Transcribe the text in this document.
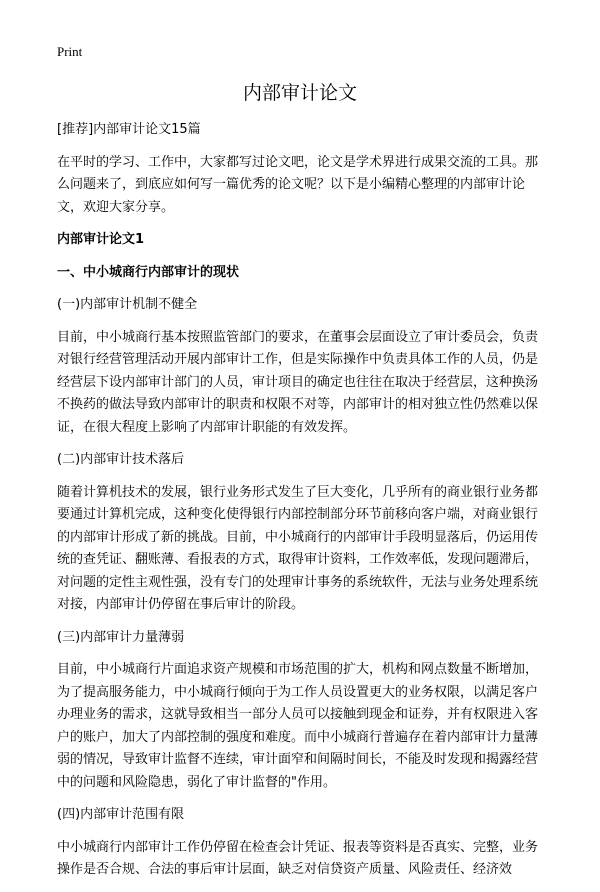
Print
内部审计论文

[推荐]内部审计论文15篇

在平时的学习、工作中，大家都写过论文吧，论文是学术界进行成果交流的工具。那么问题来了，到底应如何写一篇优秀的论文呢？以下是小编精心整理的内部审计论文，欢迎大家分享。

内部审计论文1

一、中小城商行内部审计的现状

(一)内部审计机制不健全

目前，中小城商行基本按照监管部门的要求，在董事会层面设立了审计委员会，负责对银行经营管理活动开展内部审计工作，但是实际操作中负责具体工作的人员，仍是经营层下设内部审计部门的人员，审计项目的确定也往往在取决于经营层，这种换汤不换药的做法导致内部审计的职责和权限不对等，内部审计的相对独立性仍然难以保证，在很大程度上影响了内部审计职能的有效发挥。

(二)内部审计技术落后

随着计算机技术的发展，银行业务形式发生了巨大变化，几乎所有的商业银行业务都要通过计算机完成，这种变化使得银行内部控制部分环节前移向客户端，对商业银行的内部审计形成了新的挑战。目前，中小城商行的内部审计手段明显落后，仍运用传统的查凭证、翻账薄、看报表的方式，取得审计资料，工作效率低，发现问题滞后，对问题的定性主观性强，没有专门的处理审计事务的系统软件，无法与业务处理系统对接，内部审计仍停留在事后审计的阶段。

(三)内部审计力量薄弱

目前，中小城商行片面追求资产规模和市场范围的扩大，机构和网点数量不断增加，为了提高服务能力，中小城商行倾向于为工作人员设置更大的业务权限，以满足客户办理业务的需求，这就导致相当一部分人员可以接触到现金和证券，并有权限进入客户的账户，加大了内部控制的强度和难度。而中小城商行普遍存在着内部审计力量薄弱的情况，导致审计监督不连续，审计面窄和间隔时间长，不能及时发现和揭露经营中的问题和风险隐患，弱化了审计监督的"作用。

(四)内部审计范围有限

中小城商行内部审计工作仍停留在检查会计凭证、报表等资料是否真实、完整，业务操作是否合规、合法的事后审计层面，缺乏对信贷资产质量、风险责任、经济效
